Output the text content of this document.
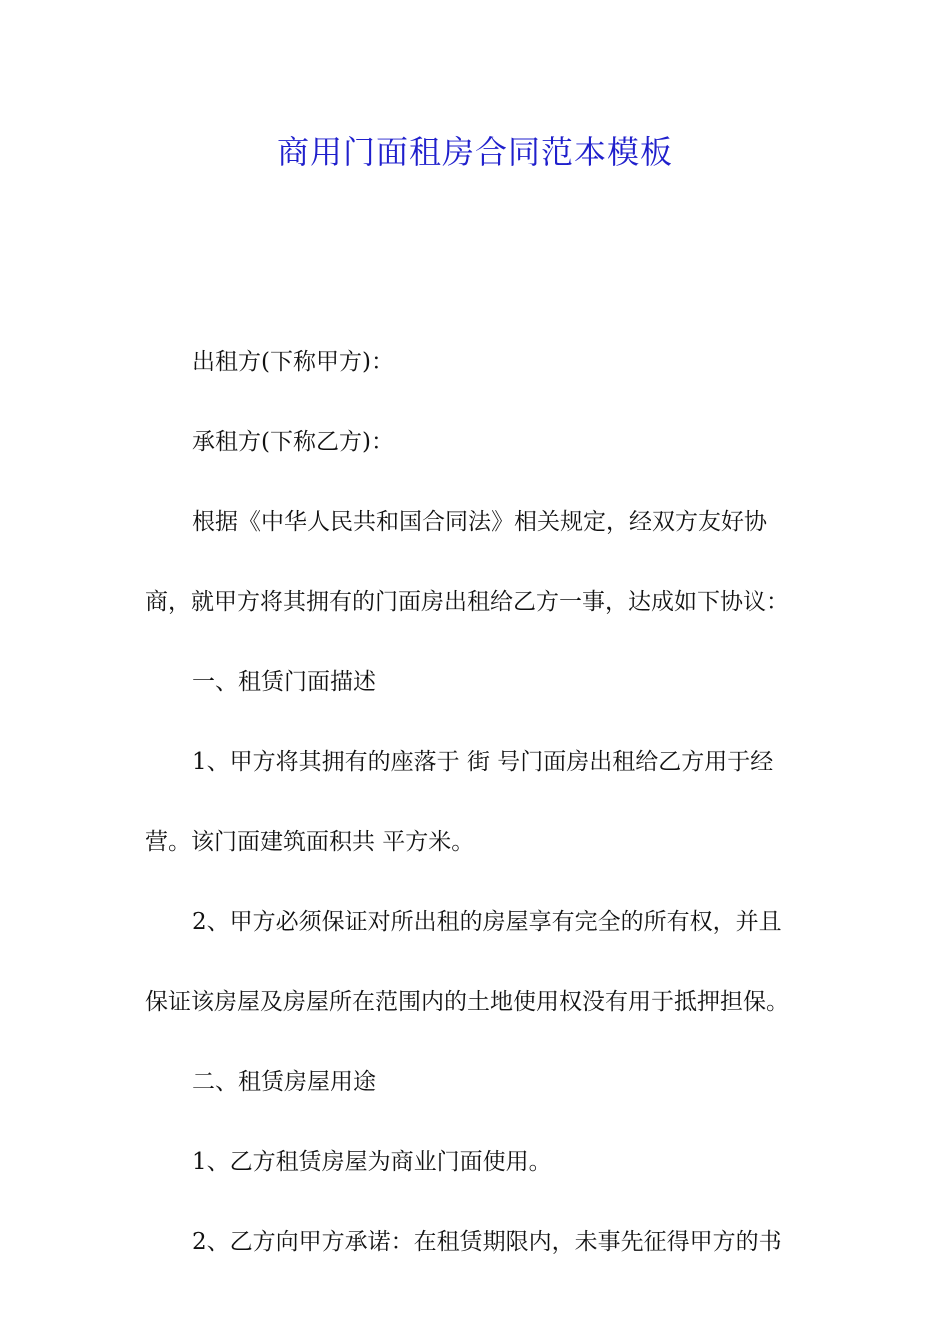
商用门面租房合同范本模板
出租方(下称甲方)：
承租方(下称乙方)：
根据《中华人民共和国合同法》相关规定，经双方友好协
商，就甲方将其拥有的门面房出租给乙方一事，达成如下协议：
一、租赁门面描述
1、甲方将其拥有的座落于 街 号门面房出租给乙方用于经
营。该门面建筑面积共 平方米。
2、甲方必须保证对所出租的房屋享有完全的所有权，并且
保证该房屋及房屋所在范围内的土地使用权没有用于抵押担保。
二、租赁房屋用途
1、乙方租赁房屋为商业门面使用。
2、乙方向甲方承诺：在租赁期限内，未事先征得甲方的书
